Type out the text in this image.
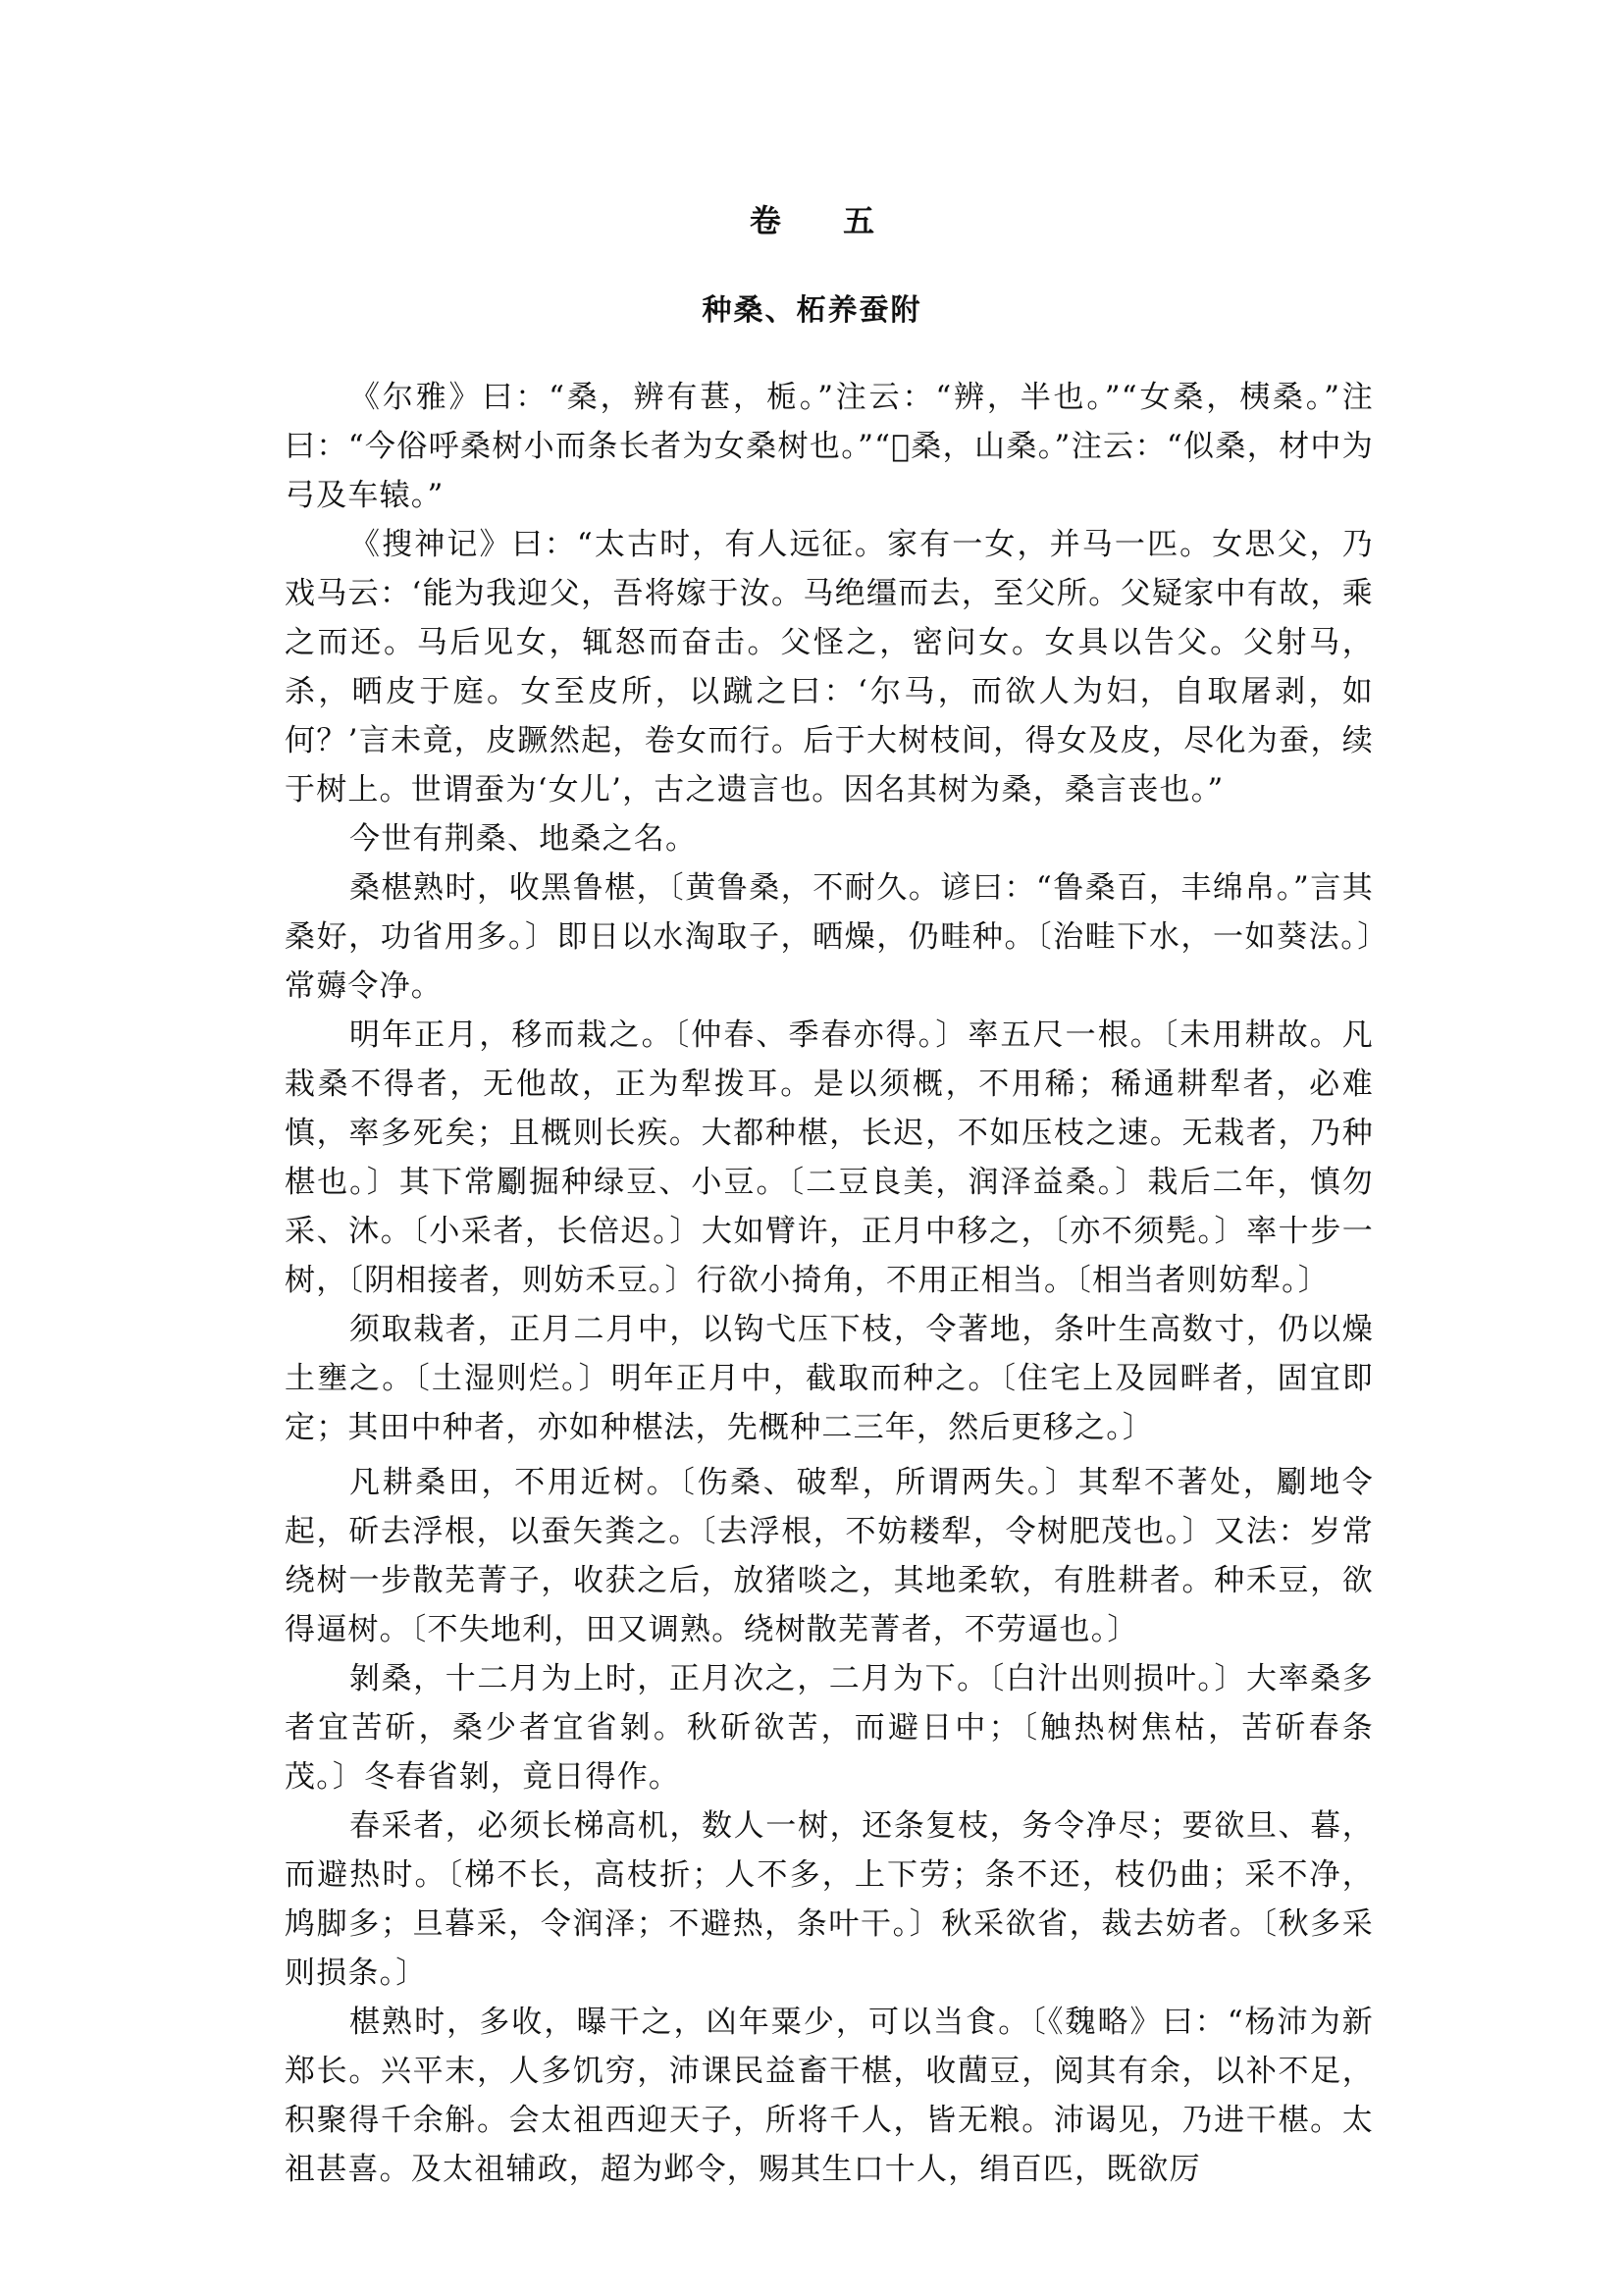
卷 五
种桑、柘养蚕附

《尔雅》曰：“桑，辨有葚，栀。”注云：“辨，半也。”“女桑，桋桑。”注曰：“今俗呼桑树小而条长者为女桑树也。”“𪲭桑，山桑。”注云：“似桑，材中为弓及车辕。”

《搜神记》曰：“太古时，有人远征。家有一女，并马一匹。女思父，乃戏马云：‘能为我迎父，吾将嫁于汝。马绝缰而去，至父所。父疑家中有故，乘之而还。马后见女，辄怒而奋击。父怪之，密问女。女具以告父。父射马，杀，晒皮于庭。女至皮所，以蹴之曰：‘尔马，而欲人为妇，自取屠剥，如何？’言未竟，皮蹶然起，卷女而行。后于大树枝间，得女及皮，尽化为蚕，续于树上。世谓蚕为‘女儿’，古之遗言也。因名其树为桑，桑言丧也。”

今世有荆桑、地桑之名。

桑椹熟时，收黑鲁椹，〔黄鲁桑，不耐久。谚曰：“鲁桑百，丰绵帛。”言其桑好，功省用多。〕即日以水淘取子，晒燥，仍畦种。〔治畦下水，一如葵法。〕常薅令净。

明年正月，移而栽之。〔仲春、季春亦得。〕率五尺一根。〔未用耕故。凡栽桑不得者，无他故，正为犁拨耳。是以须概，不用稀；稀通耕犁者，必难慎，率多死矣；且概则长疾。大都种椹，长迟，不如压枝之速。无栽者，乃种椹也。〕其下常劚掘种绿豆、小豆。〔二豆良美，润泽益桑。〕栽后二年，慎勿采、沐。〔小采者，长倍迟。〕大如臂许，正月中移之，〔亦不须髡。〕率十步一树，〔阴相接者，则妨禾豆。〕行欲小掎角，不用正相当。〔相当者则妨犁。〕

须取栽者，正月二月中，以钩弋压下枝，令著地，条叶生高数寸，仍以燥土壅之。〔土湿则烂。〕明年正月中，截取而种之。〔住宅上及园畔者，固宜即定；其田中种者，亦如种椹法，先概种二三年，然后更移之。〕

凡耕桑田，不用近树。〔伤桑、破犁，所谓两失。〕其犁不著处，劚地令起，斫去浮根，以蚕矢粪之。〔去浮根，不妨耧犁，令树肥茂也。〕又法：岁常绕树一步散芜菁子，收获之后，放猪啖之，其地柔软，有胜耕者。种禾豆，欲得逼树。〔不失地利，田又调熟。绕树散芜菁者，不劳逼也。〕

剝桑，十二月为上时，正月次之，二月为下。〔白汁出则损叶。〕大率桑多者宜苦斫，桑少者宜省剝。秋斫欲苦，而避日中；〔触热树焦枯，苦斫春条茂。〕冬春省剝，竟日得作。

春采者，必须长梯高机，数人一树，还条复枝，务令净尽；要欲旦、暮，而避热时。〔梯不长，高枝折；人不多，上下劳；条不还，枝仍曲；采不净，鸠脚多；旦暮采，令润泽；不避热，条叶干。〕秋采欲省，裁去妨者。〔秋多采则损条。〕

椹熟时，多收，曝干之，凶年粟少，可以当食。〔《魏略》曰：“杨沛为新郑长。兴平末，人多饥穷，沛课民益畜干椹，收䕡豆，阅其有余，以补不足，积聚得千余斛。会太祖西迎天子，所将千人，皆无粮。沛谒见，乃进干椹。太祖甚喜。及太祖辅政，超为邺令，赐其生口十人，绢百匹，既欲厉
